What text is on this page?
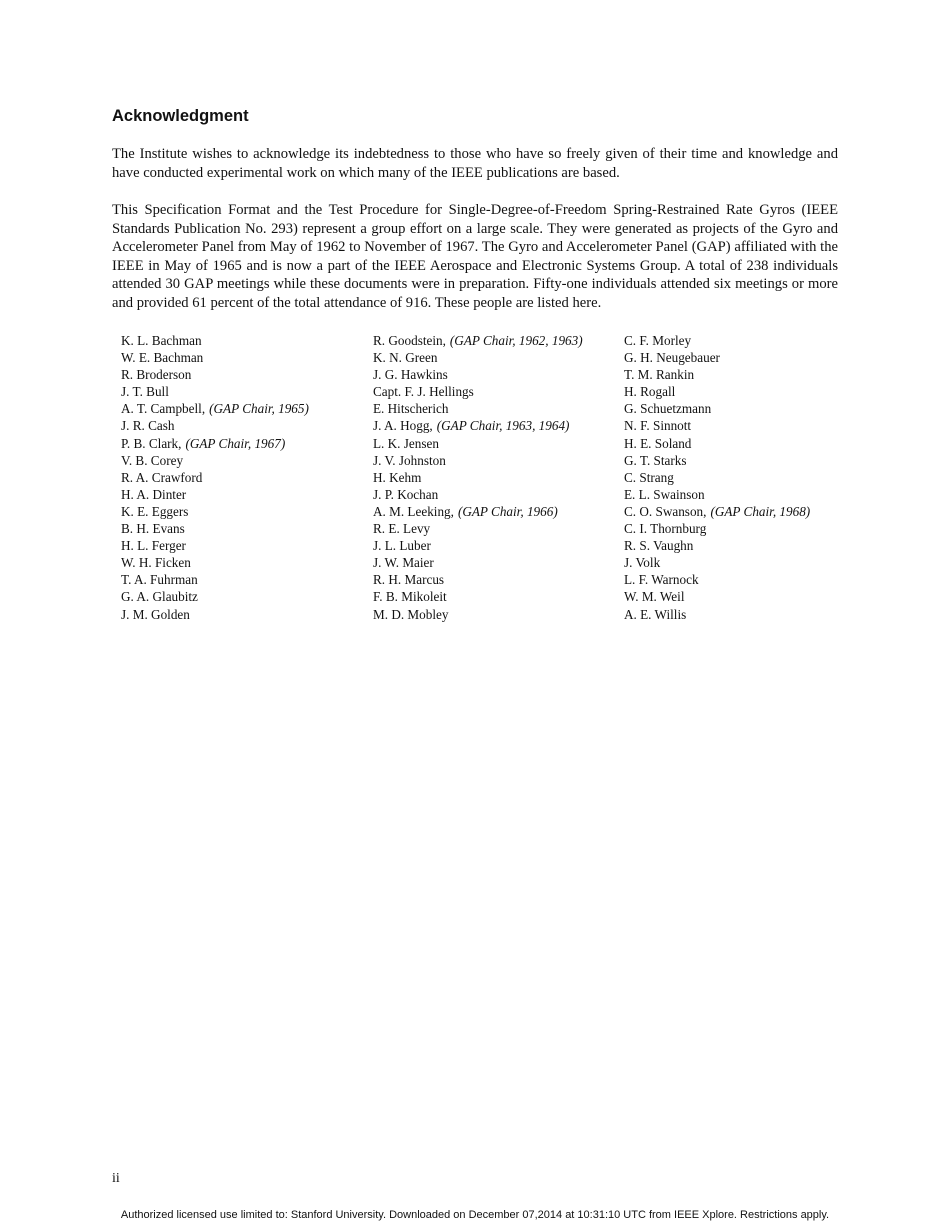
Acknowledgment

The Institute wishes to acknowledge its indebtedness to those who have so freely given of their time and knowledge and have conducted experimental work on which many of the IEEE publications are based.

This Specification Format and the Test Procedure for Single-Degree-of-Freedom Spring-Restrained Rate Gyros (IEEE Standards Publication No. 293) represent a group effort on a large scale. They were generated as projects of the Gyro and Accelerometer Panel from May of 1962 to November of 1967. The Gyro and Accelerometer Panel (GAP) affiliated with the IEEE in May of 1965 and is now a part of the IEEE Aerospace and Electronic Systems Group. A total of 238 individuals attended 30 GAP meetings while these documents were in preparation. Fifty-one individuals attended six meetings or more and provided 61 percent of the total attendance of 916. These people are listed here.

K. L. Bachman
W. E. Bachman
R. Broderson
J. T. Bull
A. T. Campbell, (GAP Chair, 1965)
J. R. Cash
P. B. Clark, (GAP Chair, 1967)
V. B. Corey
R. A. Crawford
H. A. Dinter
K. E. Eggers
B. H. Evans
H. L. Ferger
W. H. Ficken
T. A. Fuhrman
G. A. Glaubitz
J. M. Golden
R. Goodstein, (GAP Chair, 1962, 1963)
K. N. Green
J. G. Hawkins
Capt. F. J. Hellings
E. Hitscherich
J. A. Hogg, (GAP Chair, 1963, 1964)
L. K. Jensen
J. V. Johnston
H. Kehm
J. P. Kochan
A. M. Leeking, (GAP Chair, 1966)
R. E. Levy
J. L. Luber
J. W. Maier
R. H. Marcus
F. B. Mikoleit
M. D. Mobley
C. F. Morley
G. H. Neugebauer
T. M. Rankin
H. Rogall
G. Schuetzmann
N. F. Sinnott
H. E. Soland
G. T. Starks
C. Strang
E. L. Swainson
C. O. Swanson, (GAP Chair, 1968)
C. I. Thornburg
R. S. Vaughn
J. Volk
L. F. Warnock
W. M. Weil
A. E. Willis
ii
Authorized licensed use limited to: Stanford University. Downloaded on December 07,2014 at 10:31:10 UTC from IEEE Xplore. Restrictions apply.
